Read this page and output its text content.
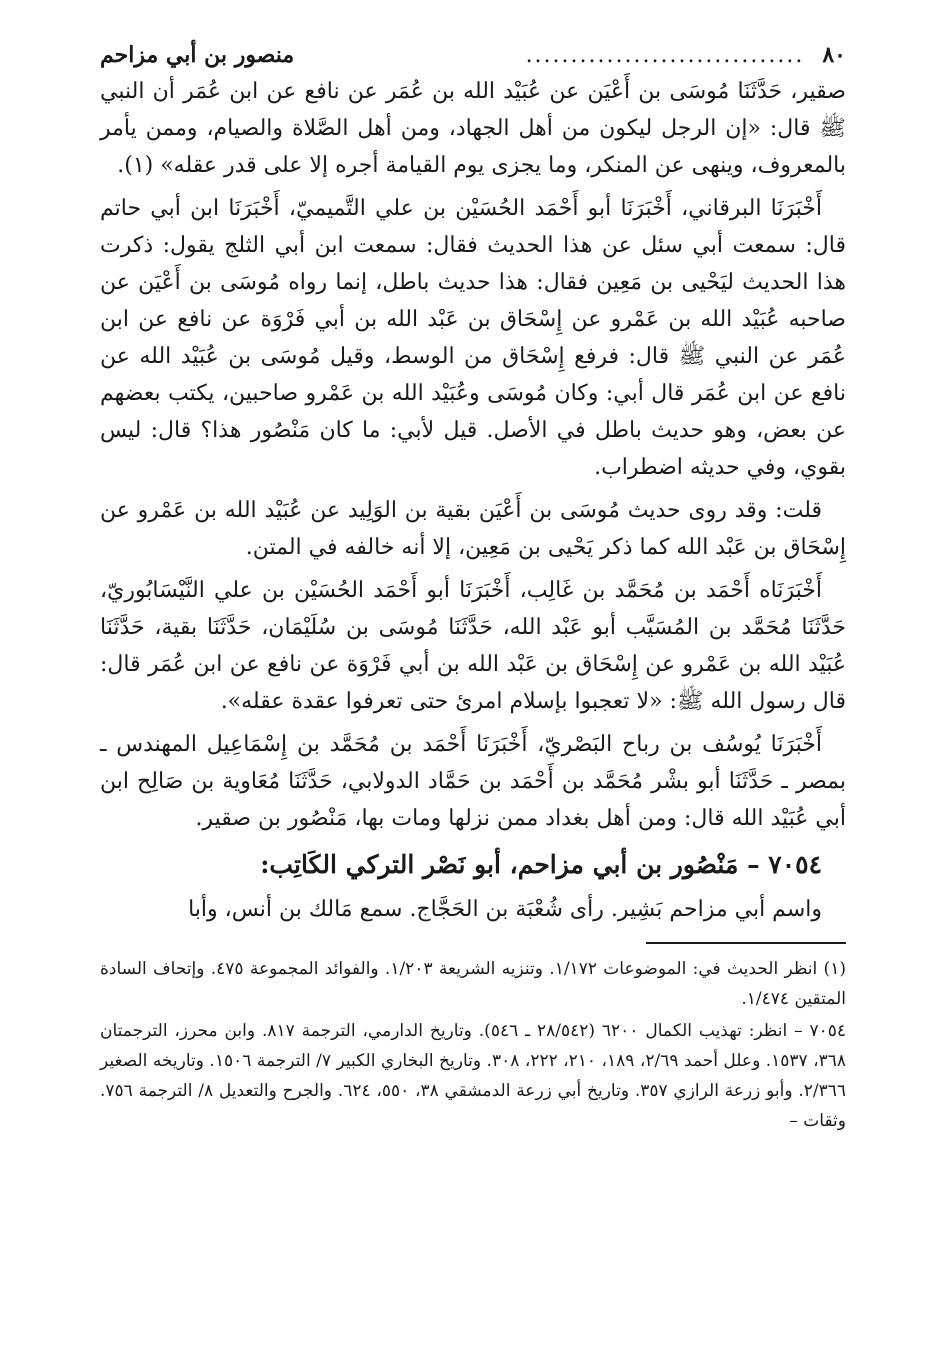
٨٠
...............................
منصور بن أبي مزاحم

صقير، حَدَّثَنَا مُوسَى بن أَعْيَن عن عُبَيْد الله بن عُمَر عن نافع عن ابن عُمَر أن النبي ﷺ قال: «إن الرجل ليكون من أهل الجهاد، ومن أهل الصَّلاة والصيام، وممن يأمر بالمعروف، وينهى عن المنكر، وما يجزى يوم القيامة أجره إلا على قدر عقله» (١).

أَخْبَرَنَا البرقاني، أَخْبَرَنَا أبو أَحْمَد الحُسَيْن بن علي التَّميميّ، أَخْبَرَنَا ابن أبي حاتم قال: سمعت أبي سئل عن هذا الحديث فقال: سمعت ابن أبي الثلج يقول: ذكرت هذا الحديث ليَحْيى بن مَعِين فقال: هذا حديث باطل، إنما رواه مُوسَى بن أَعْيَن عن صاحبه عُبَيْد الله بن عَمْرو عن إِسْحَاق بن عَبْد الله بن أبي فَرْوَة عن نافع عن ابن عُمَر عن النبي ﷺ قال: فرفع إِسْحَاق من الوسط، وقيل مُوسَى بن عُبَيْد الله عن نافع عن ابن عُمَر قال أبي: وكان مُوسَى وعُبَيْد الله بن عَمْرو صاحبين، يكتب بعضهم عن بعض، وهو حديث باطل في الأصل. قيل لأبي: ما كان مَنْصُور هذا؟ قال: ليس بقوي، وفي حديثه اضطراب.

قلت: وقد روى حديث مُوسَى بن أَعْيَن بقية بن الوَلِيد عن عُبَيْد الله بن عَمْرو عن إِسْحَاق بن عَبْد الله كما ذكر يَحْيى بن مَعِين، إلا أنه خالفه في المتن.

أَخْبَرَنَاه أَحْمَد بن مُحَمَّد بن غَالِب، أَخْبَرَنَا أبو أَحْمَد الحُسَيْن بن علي النَّيْسَابُوريّ، حَدَّثَنَا مُحَمَّد بن المُسَيَّب أبو عَبْد الله، حَدَّثَنَا مُوسَى بن سُلَيْمَان، حَدَّثَنَا بقية، حَدَّثَنَا عُبَيْد الله بن عَمْرو عن إِسْحَاق بن عَبْد الله بن أبي فَرْوَة عن نافع عن ابن عُمَر قال: قال رسول الله ﷺ: «لا تعجبوا بإسلام امرئ حتى تعرفوا عقدة عقله».

أَخْبَرَنَا يُوسُف بن رباح البَصْريّ، أَخْبَرَنَا أَحْمَد بن مُحَمَّد بن إِسْمَاعِيل المهندس ـ بمصر ـ حَدَّثَنَا أبو بشْر مُحَمَّد بن أَحْمَد بن حَمَّاد الدولابي، حَدَّثَنَا مُعَاوية بن صَالِح ابن أبي عُبَيْد الله قال: ومن أهل بغداد ممن نزلها ومات بها، مَنْصُور بن صقير.

٧٠٥٤ – مَنْصُور بن أبي مزاحم، أبو نَصْر التركي الكَاتِب:

واسم أبي مزاحم بَشِير. رأى شُعْبَة بن الحَجَّاج. سمع مَالك بن أنس، وأبا

(١) انظر الحديث في: الموضوعات ١/١٧٢. وتنزيه الشريعة ١/٢٠٣. والفوائد المجموعة ٤٧٥. وإتحاف السادة المتقين ١/٤٧٤.

٧٠٥٤ – انظر: تهذيب الكمال ٦٢٠٠ (٢٨/٥٤٢ ـ ٥٤٦). وتاريخ الدارمي، الترجمة ٨١٧. وابن محرز، الترجمتان ٣٦٨، ١٥٣٧. وعلل أحمد ٢/٦٩، ١٨٩، ٢١٠، ٢٢٢، ٣٠٨. وتاريخ البخاري الكبير ٧/ الترجمة ١٥٠٦. وتاريخه الصغير ٢/٣٦٦. وأبو زرعة الرازي ٣٥٧. وتاريخ أبي زرعة الدمشقي ٣٨، ٥٥٠، ٦٢٤. والجرح والتعديل ٨/ الترجمة ٧٥٦. وثقات –
